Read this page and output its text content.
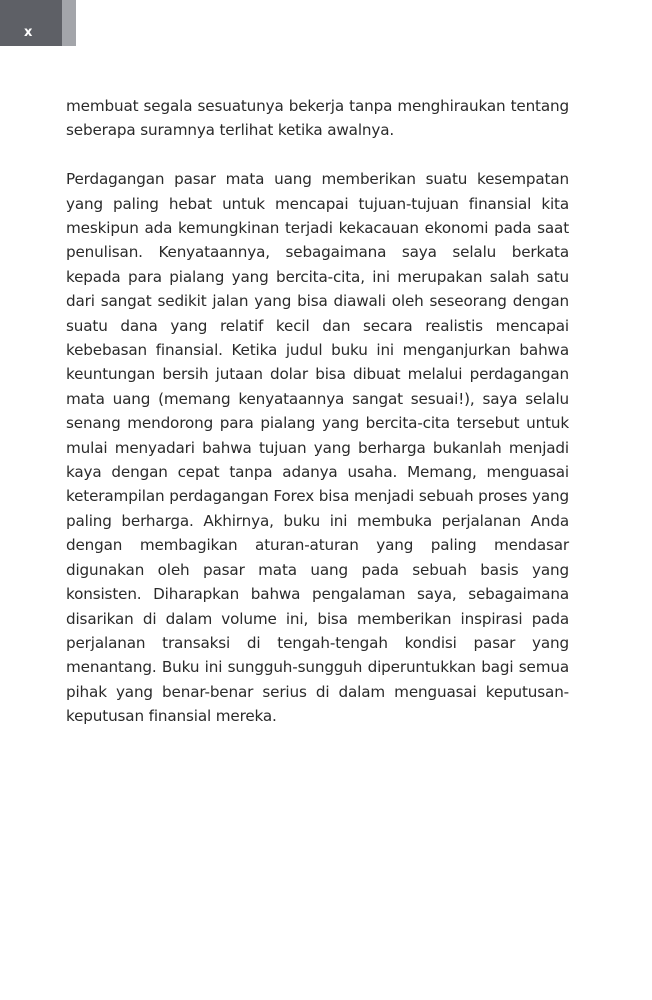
x

membuat segala sesuatunya bekerja tanpa menghiraukan tentang seberapa suramnya terlihat ketika awalnya.

Perdagangan pasar mata uang memberikan suatu kesempatan yang paling hebat untuk mencapai tujuan-tujuan finansial kita meskipun ada kemungkinan terjadi kekacauan ekonomi pada saat penulisan. Kenyataannya, sebagaimana saya selalu berkata kepada para pialang yang bercita-cita, ini merupakan salah satu dari sangat sedikit jalan yang bisa diawali oleh seseorang dengan suatu dana yang relatif kecil dan secara realistis mencapai kebebasan finansial. Ketika judul buku ini menganjurkan bahwa keuntungan bersih jutaan dolar bisa dibuat melalui perdagangan mata uang (memang kenyataannya sangat sesuai!), saya selalu senang mendorong para pialang yang bercita-cita tersebut untuk mulai menyadari bahwa tujuan yang berharga bukanlah menjadi kaya dengan cepat tanpa adanya usaha. Memang, menguasai keterampilan perdagangan Forex bisa menjadi sebuah proses yang paling berharga. Akhirnya, buku ini membuka perjalanan Anda dengan membagikan aturan-aturan yang paling mendasar digunakan oleh pasar mata uang pada sebuah basis yang konsisten. Diharapkan bahwa pengalaman saya, sebagaimana disarikan di dalam volume ini, bisa memberikan inspirasi pada perjalanan transaksi di tengah-tengah kondisi pasar yang menantang. Buku ini sungguh-sungguh diperuntukkan bagi semua pihak yang benar-benar serius di dalam menguasai keputusan-keputusan finansial mereka.
